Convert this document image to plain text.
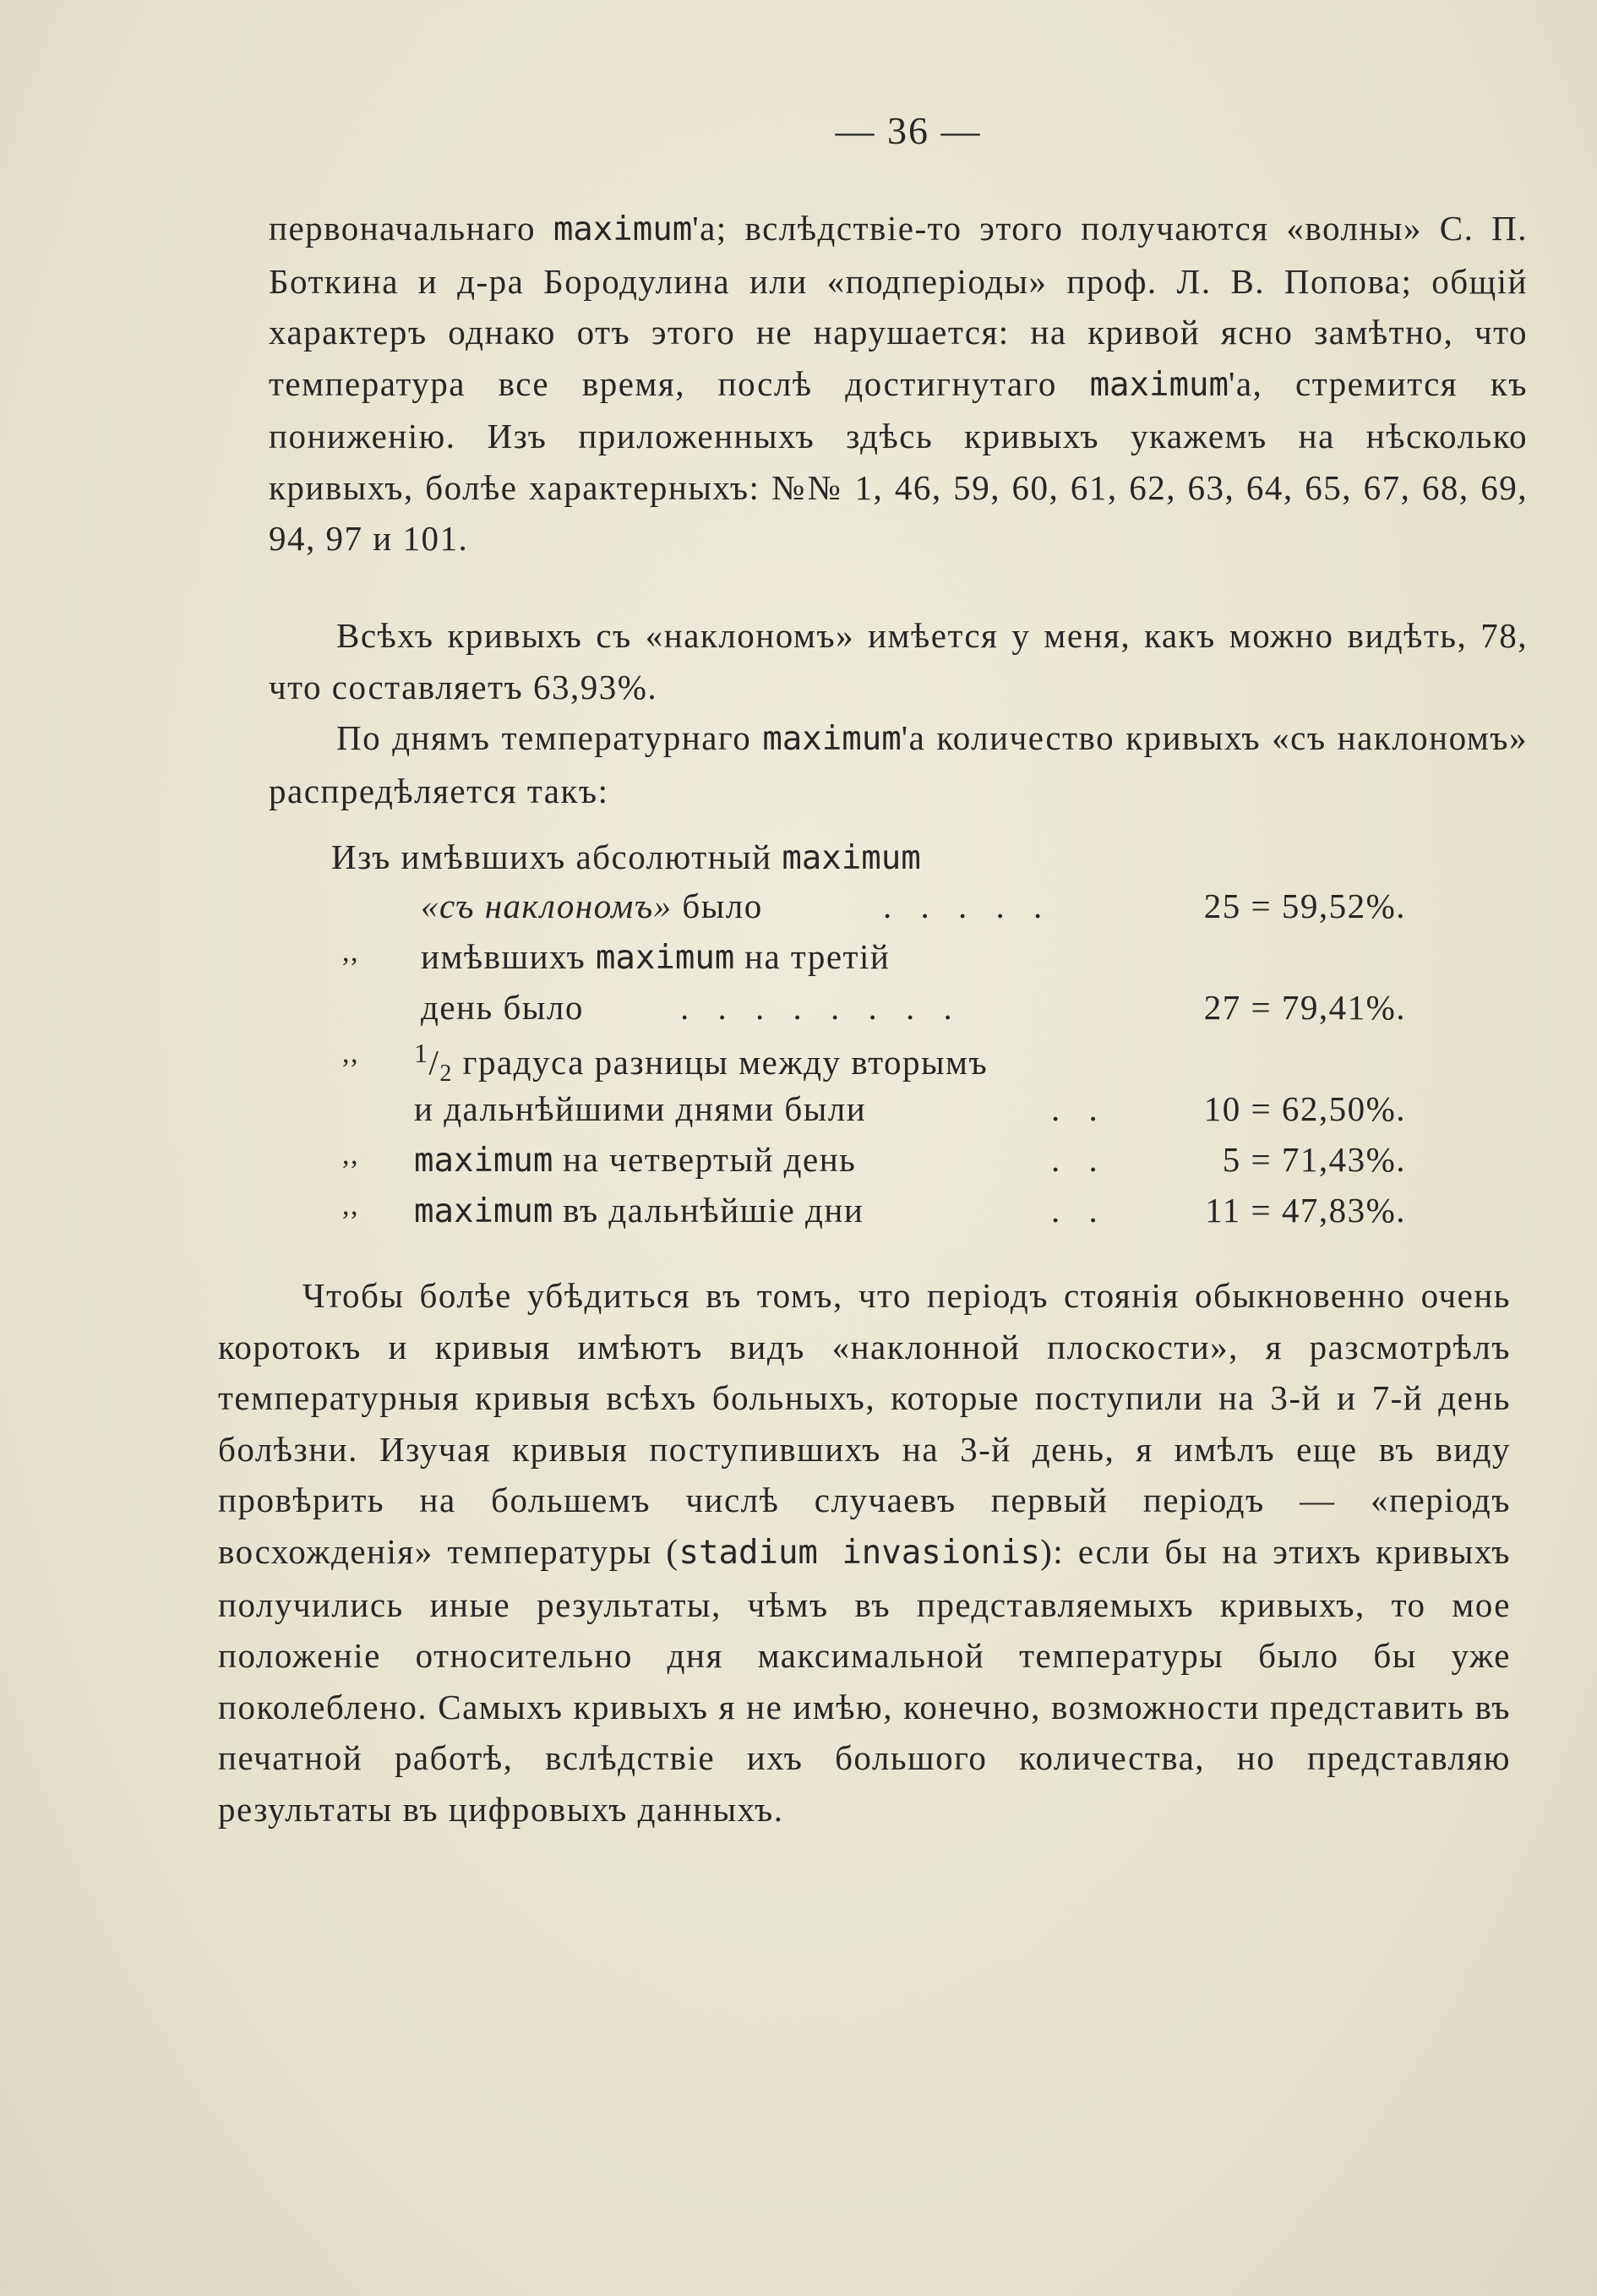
— 36 —

первоначальнаго maximum'а; вслѣдствіе-то этого получаются «волны» С. П. Боткина и д-ра Бородулина или «подперіоды» проф. Л. В. Попова; общій характеръ однако отъ этого не нарушается: на кривой ясно замѣтно, что температура все время, послѣ достигнутаго maximum'а, стремится къ пониженію. Изъ приложенныхъ здѣсь кривыхъ укажемъ на нѣсколько кривыхъ, болѣе характерныхъ: №№ 1, 46, 59, 60, 61, 62, 63, 64, 65, 67, 68, 69, 94, 97 и 101.

Всѣхъ кривыхъ съ «наклономъ» имѣется у меня, какъ можно видѣть, 78, что составляетъ 63,93%.

По днямъ температурнаго maximum'а количество кривыхъ «съ наклономъ» распредѣляется такъ:

Изъ имѣвшихъ абсолютный maximum
«съ наклономъ» было	. . . . .	25 = 59,52%.
,, имѣвшихъ maximum на третій
день было	. . . . . . . .	27 = 79,41%.
,, $^1$/2 градуса разницы между вторымъ
и дальнѣйшими днями были	. .	10 = 62,50%.
,, maximum на четвертый день	. .	5 = 71,43%.
,, maximum въ дальнѣйшіе дни	. .	11 = 47,83%.

Чтобы болѣе убѣдиться въ томъ, что періодъ стоянія обыкновенно очень коротокъ и кривыя имѣютъ видъ «наклонной плоскости», я разсмотрѣлъ температурныя кривыя всѣхъ больныхъ, которые поступили на 3-й и 7-й день болѣзни. Изучая кривыя поступившихъ на 3-й день, я имѣлъ еще въ виду провѣрить на большемъ числѣ случаевъ первый періодъ — «періодъ восхожденія» температуры (stadium invasionis): если бы на этихъ кривыхъ получились иные результаты, чѣмъ въ представляемыхъ кривыхъ, то мое положеніе относительно дня максимальной температуры было бы уже поколеблено. Самыхъ кривыхъ я не имѣю, конечно, возможности представить въ печатной работѣ, вслѣдствіе ихъ большого количества, но представляю результаты въ цифровыхъ данныхъ.
